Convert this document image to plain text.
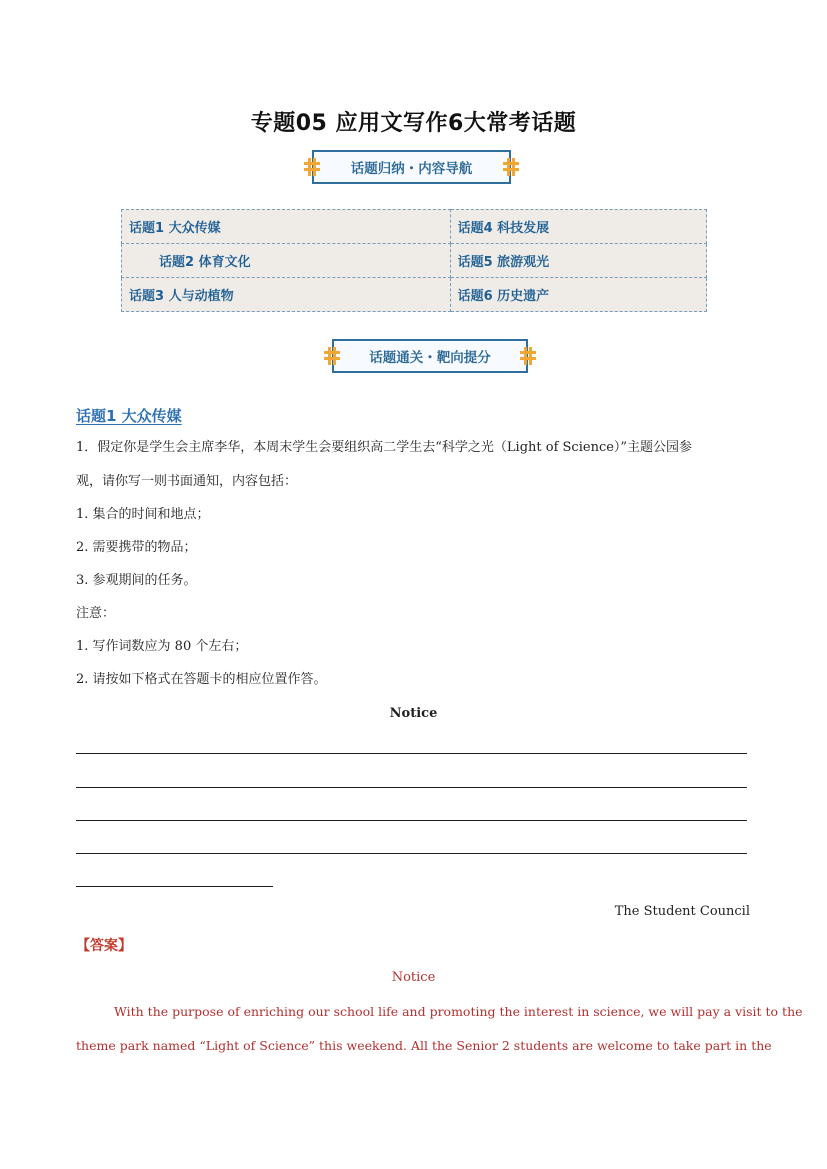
专题05 应用文写作6大常考话题
话题归纳・内容导航
话题1 大众传媒	话题4 科技发展
话题2 体育文化	话题5 旅游观光
话题3 人与动植物	话题6 历史遗产
话题通关・靶向提分
话题1 大众传媒
1．假定你是学生会主席李华，本周末学生会要组织高二学生去“科学之光（Light of Science）”主题公园参
观，请你写一则书面通知，内容包括：
1. 集合的时间和地点；
2. 需要携带的物品；
3. 参观期间的任务。
注意：
1. 写作词数应为 80 个左右；
2. 请按如下格式在答题卡的相应位置作答。
Notice
The Student Council
【答案】
Notice
With the purpose of enriching our school life and promoting the interest in science, we will pay a visit to the
theme park named “Light of Science” this weekend. All the Senior 2 students are welcome to take part in the
